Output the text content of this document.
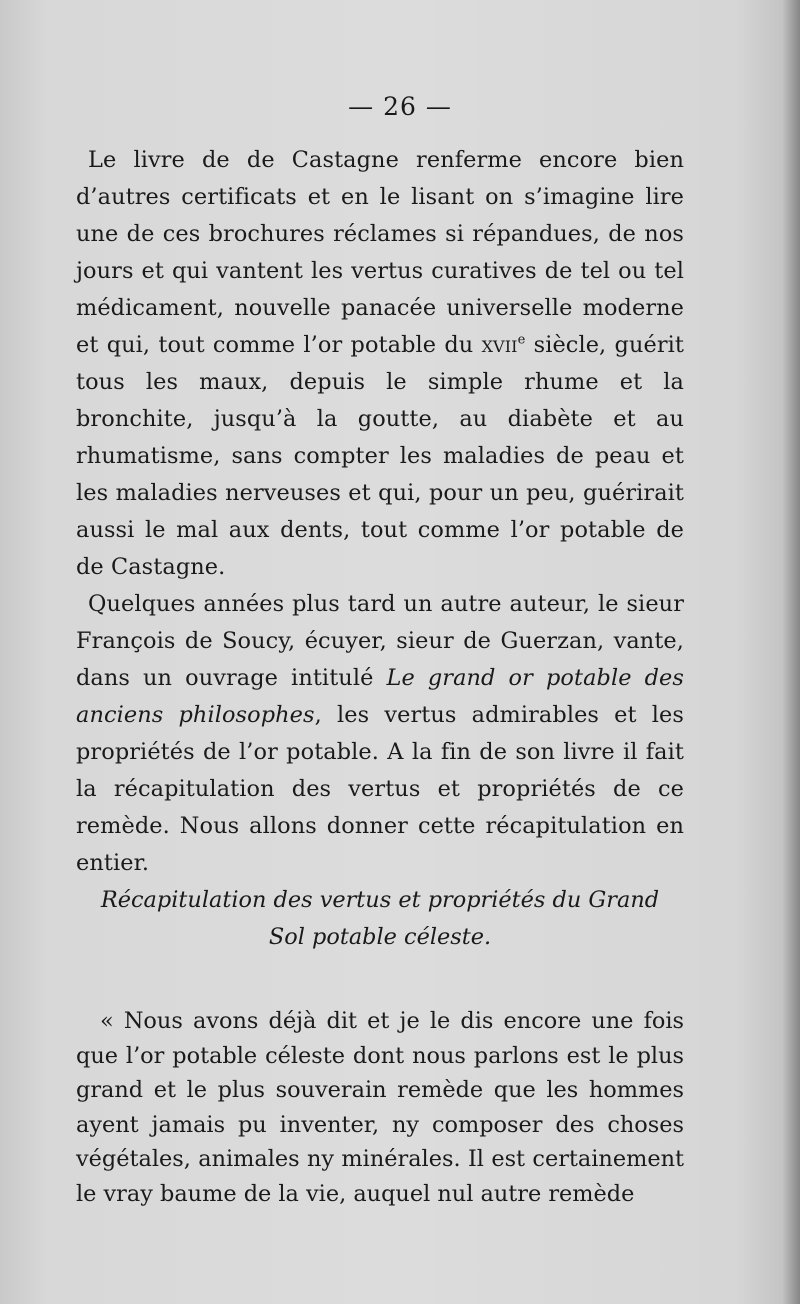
— 26 —

Le livre de de Castagne renferme encore bien d’autres certificats et en le lisant on s’imagine lire une de ces brochures réclames si répandues, de nos jours et qui vantent les vertus curatives de tel ou tel médicament, nouvelle panacée universelle moderne et qui, tout comme l’or potable du xvii$^e$ siècle, guérit tous les maux, depuis le simple rhume et la bronchite, jusqu’à la goutte, au diabète et au rhumatisme, sans compter les maladies de peau et les maladies nerveuses et qui, pour un peu, guérirait aussi le mal aux dents, tout comme l’or potable de de Castagne.

Quelques années plus tard un autre auteur, le sieur François de Soucy, écuyer, sieur de Guerzan, vante, dans un ouvrage intitulé Le grand or potable des anciens philosophes, les vertus admirables et les propriétés de l’or potable. A la fin de son livre il fait la récapitulation des vertus et propriétés de ce remède. Nous allons donner cette récapitulation en entier.

Récapitulation des vertus et propriétés du Grand
Sol potable céleste.

« Nous avons déjà dit et je le dis encore une fois que l’or potable céleste dont nous parlons est le plus grand et le plus souverain remède que les hommes ayent jamais pu inventer, ny composer des choses végétales, animales ny minérales. Il est certainement le vray baume de la vie, auquel nul autre remède
